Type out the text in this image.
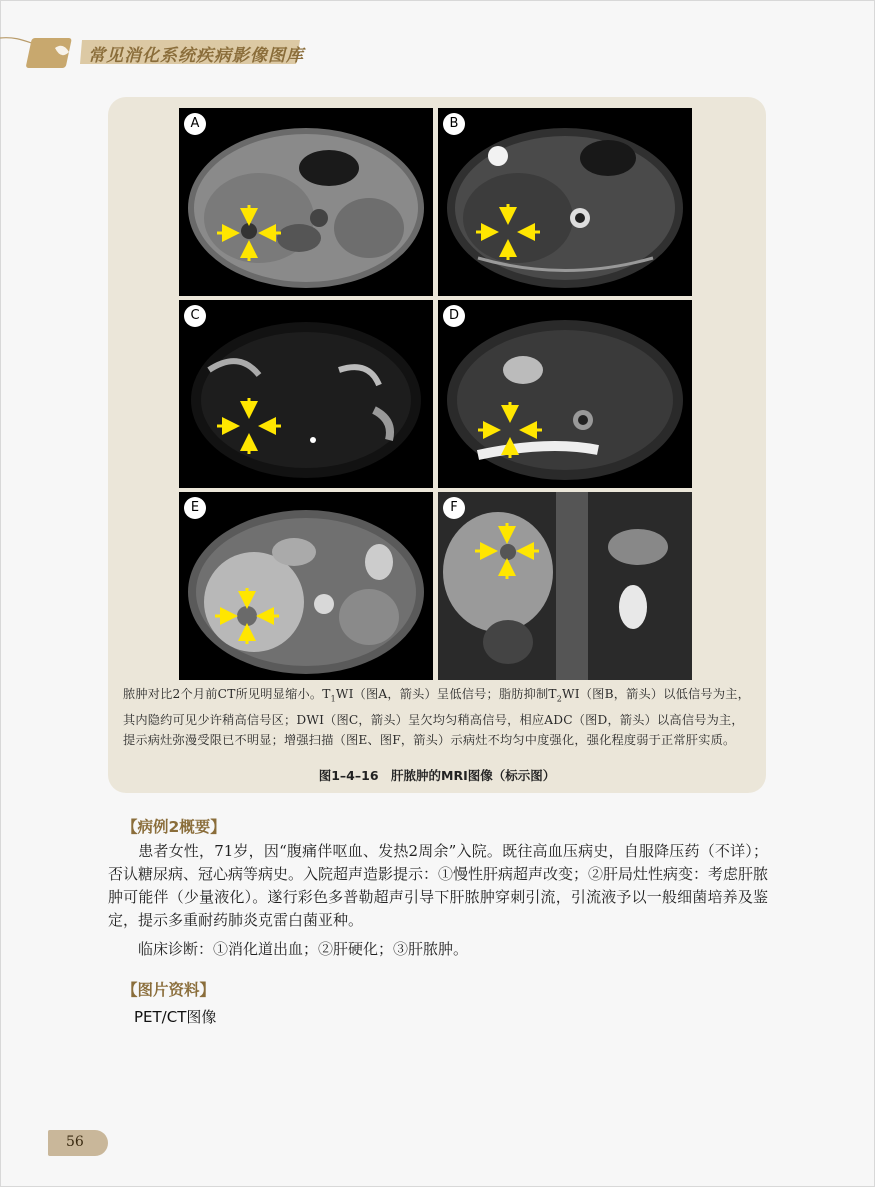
常见消化系统疾病影像图库
A	B
C	D
E	F
脓肿对比2个月前CT所见明显缩小。$T_1WI$（图A，箭头）呈低信号；脂肪抑制$T_2WI$（图B，箭头）以低信号为主，其内隐约可见少许稍高信号区；DWI（图C，箭头）呈欠均匀稍高信号，相应ADC（图D，箭头）以高信号为主，提示病灶弥漫受限已不明显；增强扫描（图E、图F，箭头）示病灶不均匀中度强化，强化程度弱于正常肝实质。
图1–4–16　肝脓肿的MRI图像（标示图）
【病例2概要】
患者女性，71岁，因“腹痛伴呕血、发热2周余”入院。既往高血压病史，自服降压药（不详）；否认糖尿病、冠心病等病史。入院超声造影提示：①慢性肝病超声改变；②肝局灶性病变：考虑肝脓肿可能伴（少量液化）。遂行彩色多普勒超声引导下肝脓肿穿刺引流，引流液予以一般细菌培养及鉴定，提示多重耐药肺炎克雷白菌亚种。
临床诊断：①消化道出血；②肝硬化；③肝脓肿。
【图片资料】
PET/CT图像
56
